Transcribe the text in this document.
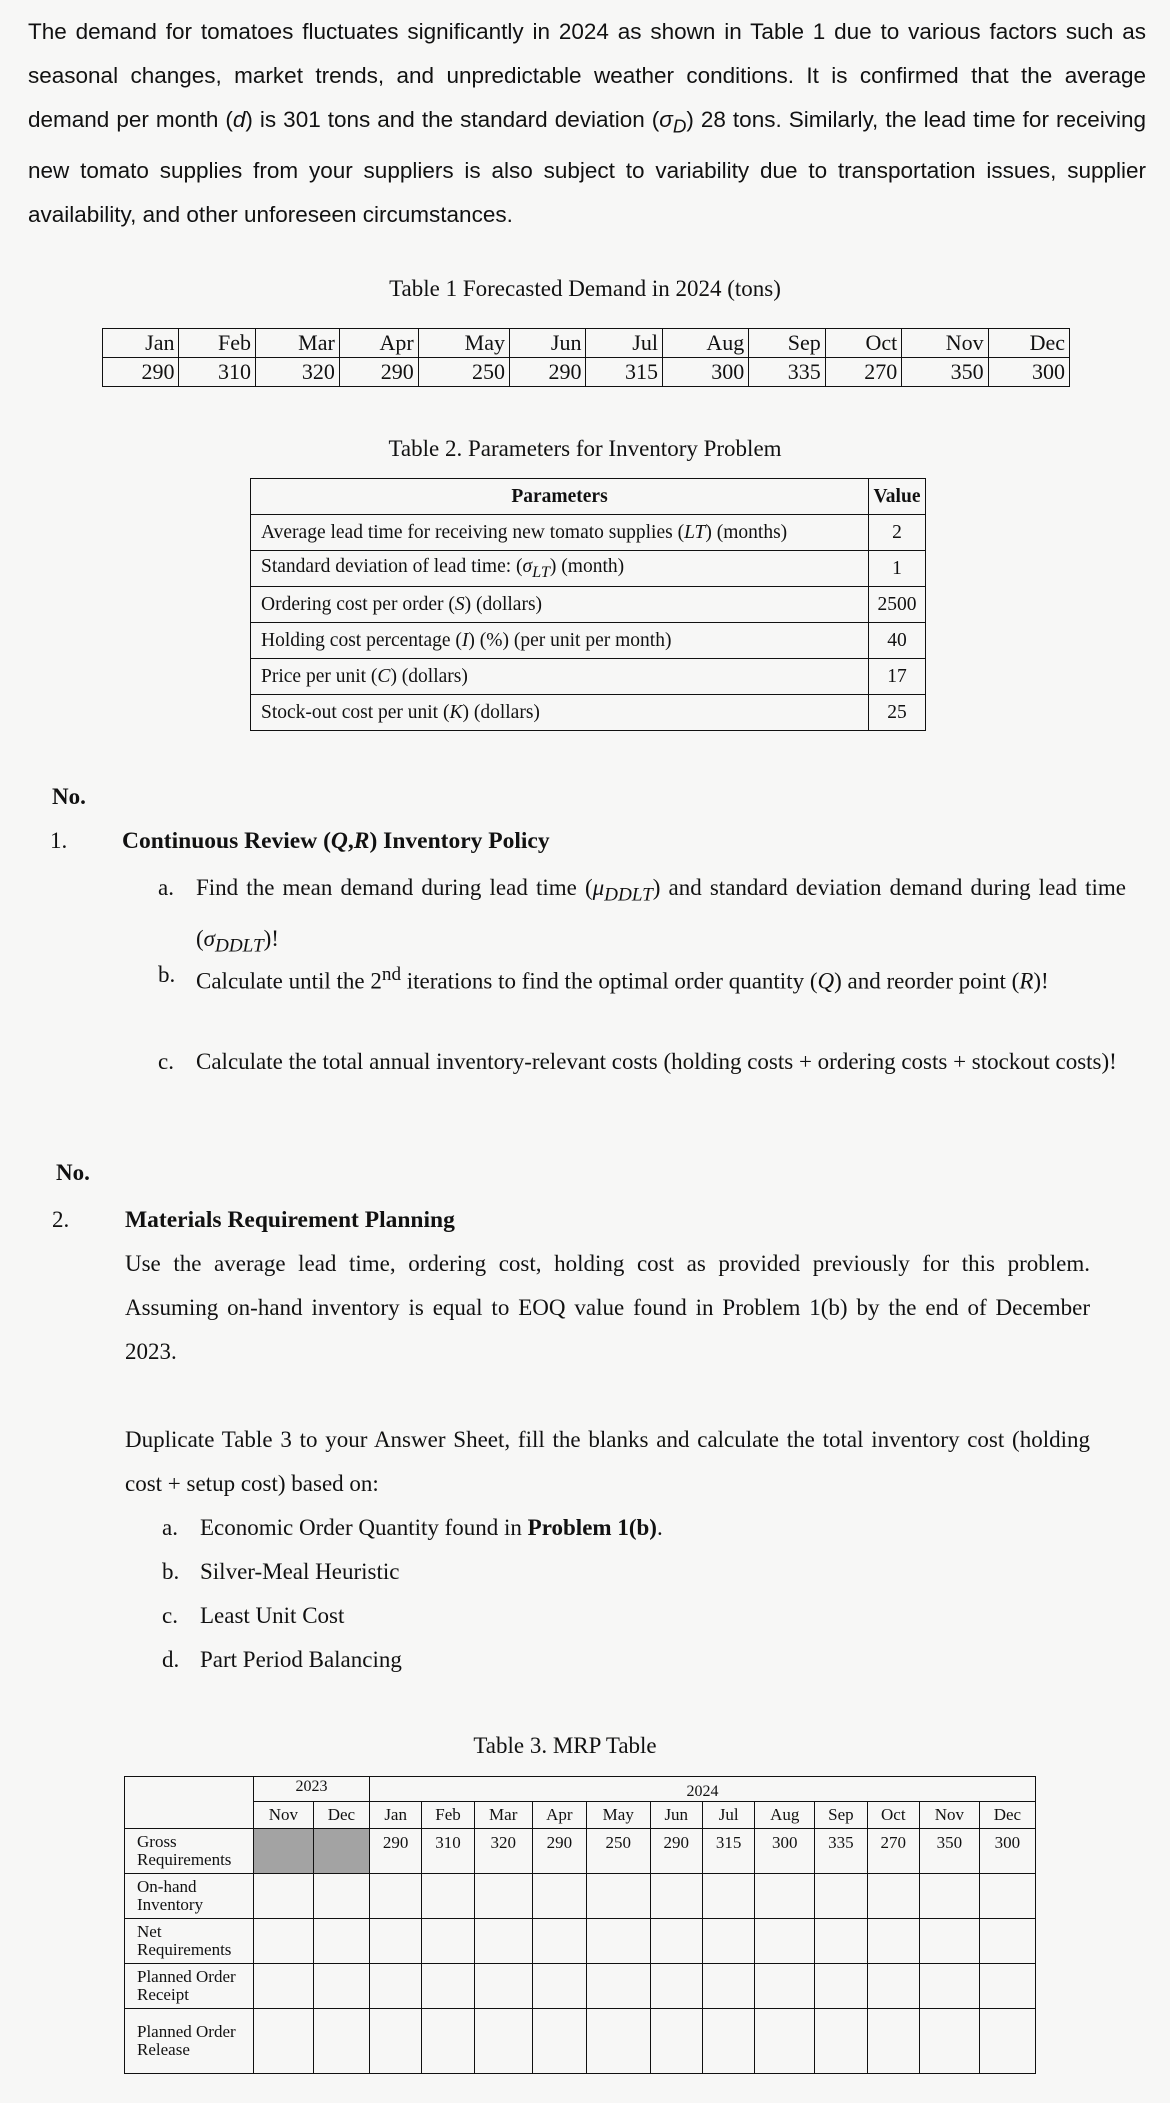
The demand for tomatoes fluctuates significantly in 2024 as shown in Table 1 due to various factors such as seasonal changes, market trends, and unpredictable weather conditions. It is confirmed that the average demand per month (d) is 301 tons and the standard deviation $(\sigma_D)$ 28 tons. Similarly, the lead time for receiving new tomato supplies from your suppliers is also subject to variability due to transportation issues, supplier availability, and other unforeseen circumstances.

Table 1 Forecasted Demand in 2024 (tons)
Jan	Feb	Mar	Apr	May	Jun	Jul	Aug	Sep	Oct	Nov	Dec
290	310	320	290	250	290	315	300	335	270	350	300
Table 2. Parameters for Inventory Problem
Parameters	Value
Average lead time for receiving new tomato supplies (LT) (months)	2
Standard deviation of lead time: $(\sigma_{LT})$ (month)	1
Ordering cost per order (S) (dollars)	2500
Holding cost percentage (I) (%) (per unit per month)	40
Price per unit (C) (dollars)	17
Stock-out cost per unit (K) (dollars)	25
No.
1. Continuous Review (Q,R) Inventory Policy
a. Find the mean demand during lead time $(\mu_{DDLT})$ and standard deviation demand during lead time $(\sigma_{DDLT})$!
b. Calculate until the 2nd iterations to find the optimal order quantity (Q) and reorder point (R)!
c. Calculate the total annual inventory-relevant costs (holding costs + ordering costs + stockout costs)!
No.
2. Materials Requirement Planning
Use the average lead time, ordering cost, holding cost as provided previously for this problem. Assuming on-hand inventory is equal to EOQ value found in Problem 1(b) by the end of December 2023.
Duplicate Table 3 to your Answer Sheet, fill the blanks and calculate the total inventory cost (holding cost + setup cost) based on:
a. Economic Order Quantity found in Problem 1(b).
b. Silver-Meal Heuristic
c. Least Unit Cost
d. Part Period Balancing
Table 3. MRP Table
	2023		2024											
	Nov	Dec	Jan	Feb	Mar	Apr	May	Jun	Jul	Aug	Sep	Oct	Nov	Dec
Gross Requirements			290	310	320	290	250	290	315	300	335	270	350	300
On-hand Inventory														
Net Requirements														
Planned Order Receipt														
Planned Order Release														
